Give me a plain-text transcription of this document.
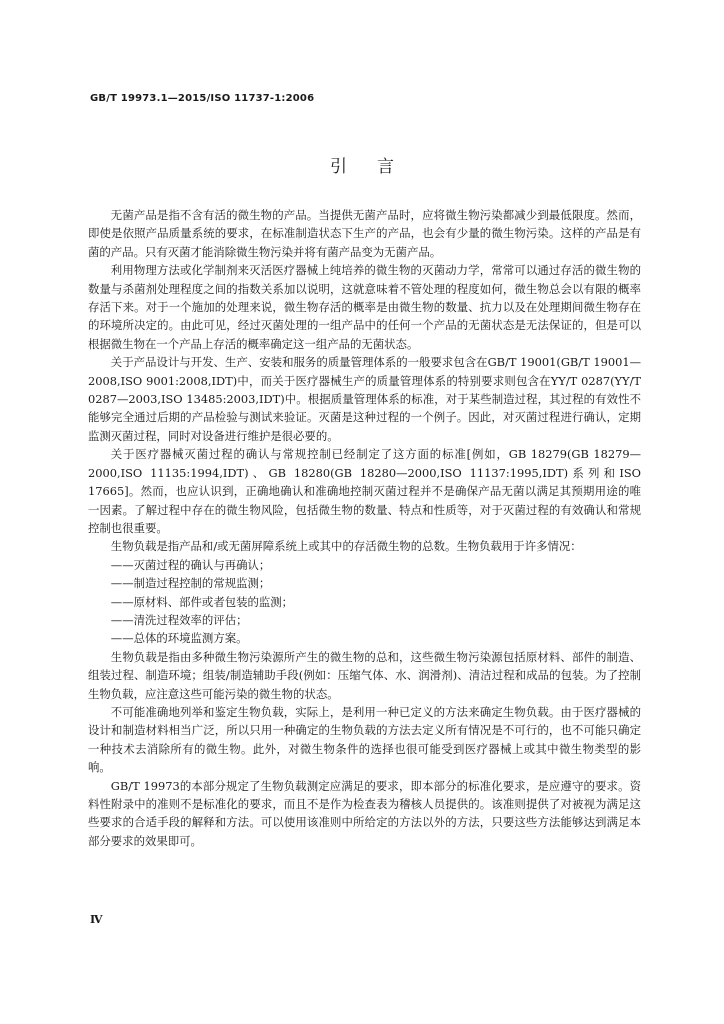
GB/T 19973.1—2015/ISO 11737-1:2006
引言

无菌产品是指不含有活的微生物的产品。当提供无菌产品时，应将微生物污染都减少到最低限度。然而，即使是依照产品质量系统的要求，在标准制造状态下生产的产品，也会有少量的微生物污染。这样的产品是有菌的产品。只有灭菌才能消除微生物污染并将有菌产品变为无菌产品。

利用物理方法或化学制剂来灭活医疗器械上纯培养的微生物的灭菌动力学，常常可以通过存活的微生物的数量与杀菌剂处理程度之间的指数关系加以说明，这就意味着不管处理的程度如何，微生物总会以有限的概率存活下来。对于一个施加的处理来说，微生物存活的概率是由微生物的数量、抗力以及在处理期间微生物存在的环境所决定的。由此可见，经过灭菌处理的一组产品中的任何一个产品的无菌状态是无法保证的，但是可以根据微生物在一个产品上存活的概率确定这一组产品的无菌状态。

关于产品设计与开发、生产、安装和服务的质量管理体系的一般要求包含在GB/T 19001(GB/T 19001—2008,ISO 9001:2008,IDT)中，而关于医疗器械生产的质量管理体系的特别要求则包含在YY/T 0287(YY/T 0287—2003,ISO 13485:2003,IDT)中。根据质量管理体系的标准，对于某些制造过程，其过程的有效性不能够完全通过后期的产品检验与测试来验证。灭菌是这种过程的一个例子。因此，对灭菌过程进行确认，定期监测灭菌过程，同时对设备进行维护是很必要的。

关于医疗器械灭菌过程的确认与常规控制已经制定了这方面的标准[例如，GB 18279(GB 18279—2000,ISO 11135:1994,IDT)、GB 18280(GB 18280—2000,ISO 11137:1995,IDT)系列和ISO 17665]。然而，也应认识到，正确地确认和准确地控制灭菌过程并不是确保产品无菌以满足其预期用途的唯一因素。了解过程中存在的微生物风险，包括微生物的数量、特点和性质等，对于灭菌过程的有效确认和常规控制也很重要。

生物负载是指产品和/或无菌屏障系统上或其中的存活微生物的总数。生物负载用于许多情况：

——灭菌过程的确认与再确认；

——制造过程控制的常规监测；

——原材料、部件或者包装的监测；

——清洗过程效率的评估；

——总体的环境监测方案。

生物负载是指由多种微生物污染源所产生的微生物的总和，这些微生物污染源包括原材料、部件的制造、组装过程、制造环境；组装/制造辅助手段(例如：压缩气体、水、润滑剂)、清洁过程和成品的包装。为了控制生物负载，应注意这些可能污染的微生物的状态。

不可能准确地列举和鉴定生物负载，实际上，是利用一种已定义的方法来确定生物负载。由于医疗器械的设计和制造材料相当广泛，所以只用一种确定的生物负载的方法去定义所有情况是不可行的，也不可能只确定一种技术去消除所有的微生物。此外，对微生物条件的选择也很可能受到医疗器械上或其中微生物类型的影响。

GB/T 19973的本部分规定了生物负载测定应满足的要求，即本部分的标准化要求，是应遵守的要求。资料性附录中的准则不是标准化的要求，而且不是作为检查表为稽核人员提供的。该准则提供了对被视为满足这些要求的合适手段的解释和方法。可以使用该准则中所给定的方法以外的方法，只要这些方法能够达到满足本部分要求的效果即可。

Ⅳ
